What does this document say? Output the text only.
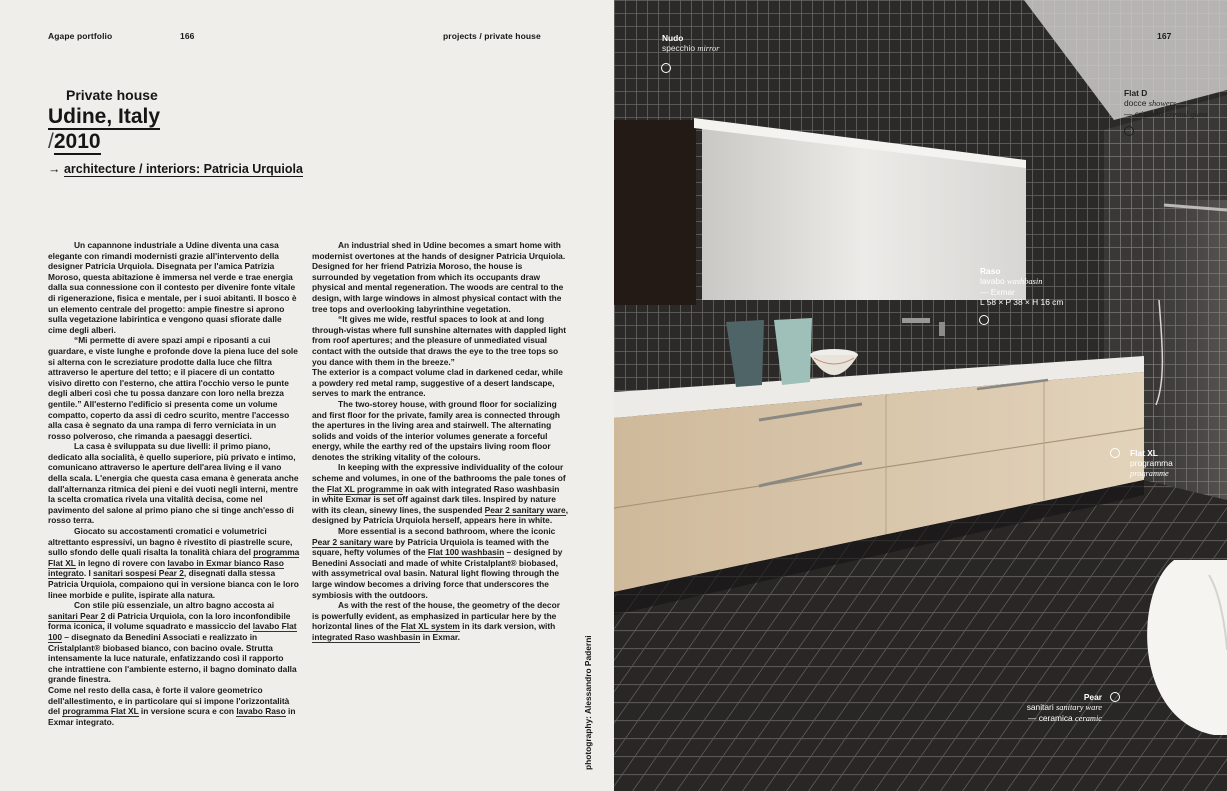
Agape portfolio	166	projects / private house
Private house
Udine, Italy
/2010
→ architecture / interiors: Patricia Urquiola

Un capannone industriale a Udine diventa una casa elegante con rimandi modernisti grazie all'intervento della designer Patricia Urquiola. Disegnata per l'amica Patrizia Moroso, questa abitazione è immersa nel verde e trae energia dalla sua connessione con il contesto per divenire fonte vitale di rigenerazione, fisica e mentale, per i suoi abitanti. Il bosco è un elemento centrale del progetto: ampie finestre si aprono sulla vegetazione labirintica e vengono quasi sfiorate dalle cime degli alberi.

“Mi permette di avere spazi ampi e riposanti a cui guardare, e viste lunghe e profonde dove la piena luce del sole si alterna con le screziature prodotte dalla luce che filtra attraverso le aperture del tetto; e il piacere di un contatto visivo diretto con l'esterno, che attira l'occhio verso le punte degli alberi così che tu possa danzare con loro nella brezza gentile.” All'esterno l'edificio si presenta come un volume compatto, coperto da assi di cedro scurito, mentre l'accesso alla casa è segnato da una rampa di ferro verniciata in un rosso polveroso, che rimanda a paesaggi desertici.

La casa è sviluppata su due livelli: il primo piano, dedicato alla socialità, è quello superiore, più privato e intimo, comunicano attraverso le aperture dell'area living e il vano della scala. L'energia che questa casa emana è generata anche dall'alternanza ritmica dei pieni e dei vuoti negli interni, mentre la scelta cromatica rivela una vitalità decisa, come nel pavimento del salone al primo piano che si tinge anch'esso di rosso terra.

Giocato su accostamenti cromatici e volumetrici altrettanto espressivi, un bagno è rivestito di piastrelle scure, sullo sfondo delle quali risalta la tonalità chiara del programma Flat XL in legno di rovere con lavabo in Exmar bianco Raso integrato. I sanitari sospesi Pear 2, disegnati dalla stessa Patricia Urquiola, compaiono qui in versione bianca con le loro linee morbide e pulite, ispirate alla natura.

Con stile più essenziale, un altro bagno accosta ai sanitari Pear 2 di Patricia Urquiola, con la loro inconfondibile forma iconica, il volume squadrato e massiccio del lavabo Flat 100 – disegnato da Benedini Associati e realizzato in Cristalplant® biobased bianco, con bacino ovale. Strutta intensamente la luce naturale, enfatizzando così il rapporto che intrattiene con l'ambiente esterno, il bagno dominato dalla grande finestra.

Come nel resto della casa, è forte il valore geometrico dell'allestimento, e in particolare qui si impone l'orizzontalità del programma Flat XL in versione scura e con lavabo Raso in Exmar integrato.

An industrial shed in Udine becomes a smart home with modernist overtones at the hands of designer Patricia Urquiola. Designed for her friend Patrizia Moroso, the house is surrounded by vegetation from which its occupants draw physical and mental regeneration. The woods are central to the design, with large windows in almost physical contact with the tree tops and overlooking labyrinthine vegetation.

“It gives me wide, restful spaces to look at and long through-vistas where full sunshine alternates with dappled light from roof apertures; and the pleasure of unmediated visual contact with the outside that draws the eye to the tree tops so you dance with them in the breeze.”

The exterior is a compact volume clad in darkened cedar, while a powdery red metal ramp, suggestive of a desert landscape, serves to mark the entrance.

The two-storey house, with ground floor for socializing and first floor for the private, family area is connected through the apertures in the living area and stairwell. The alternating solids and voids of the interior volumes generate a forceful energy, while the earthy red of the upstairs living room floor denotes the striking vitality of the colours.

In keeping with the expressive individuality of the colour scheme and volumes, in one of the bathrooms the pale tones of the Flat XL programme in oak with integrated Raso washbasin in white Exmar is set off against dark tiles. Inspired by nature with its clean, sinewy lines, the suspended Pear 2 sanitary ware, designed by Patricia Urquiola herself, appears here in white.

More essential is a second bathroom, where the iconic Pear 2 sanitary ware by Patricia Urquiola is teamed with the square, hefty volumes of the Flat 100 washbasin – designed by Benedini Associati and made of white Cristalplant® biobased, with assymetrical oval basin. Natural light flowing through the large window becomes a driving force that underscores the symbiosis with the outdoors.

As with the rest of the house, the geometry of the decor is powerfully evident, as emphasized in particular here by the horizontal lines of the Flat XL system in its dark version, with integrated Raso washbasin in Exmar.	photography: Alessandro Paderni
Nudo
specchio mirror
167
Flat D
docce showers
— cristallo crystal glass
Raso
lavabo washbasin
— Exmar
L 58 × P 38 × H 16 cm
Flat XL
programma
programme
Pear
sanitari sanitary ware
— ceramica ceramic
